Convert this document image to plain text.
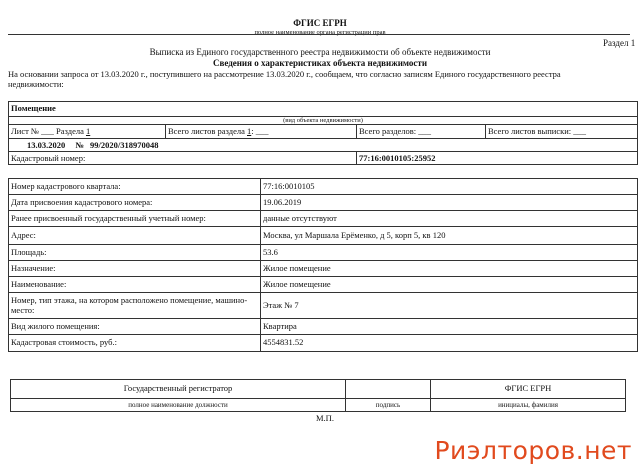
ФГИС ЕГРН
полное наименование органа регистрации прав
Раздел 1
Выписка из Единого государственного реестра недвижимости об объекте недвижимости
Сведения о характеристиках объекта недвижимости
На основании запроса от 13.03.2020 г., поступившего на рассмотрение 13.03.2020 г., сообщаем, что согласно записям Единого государственного реестра
недвижимости:
Помещение			
(вид объекта недвижимости)			
Лист № ___ Раздела 1	Всего листов раздела 1: ___	Всего разделов: ___	Всего листов выписки: ___
13.03.2020 № 99/2020/318970048			
Кадастровый номер:		77:16:0010105:25952	
Номер кадастрового квартала:	77:16:0010105
Дата присвоения кадастрового номера:	19.06.2019
Ранее присвоенный государственный учетный номер:	данные отсутствуют
Адрес:	Москва, ул Маршала Ерёменко, д 5, корп 5, кв 120
Площадь:	53.6
Назначение:	Жилое помещение
Наименование:	Жилое помещение
Номер, тип этажа, на котором расположено помещение, машино-место:	Этаж № 7
Вид жилого помещения:	Квартира
Кадастровая стоимость, руб.:	4554831.52
Государственный регистратор		ФГИС ЕГРН
полное наименование должности	подпись	инициалы, фамилия
М.П.
Риэлторов.нет
